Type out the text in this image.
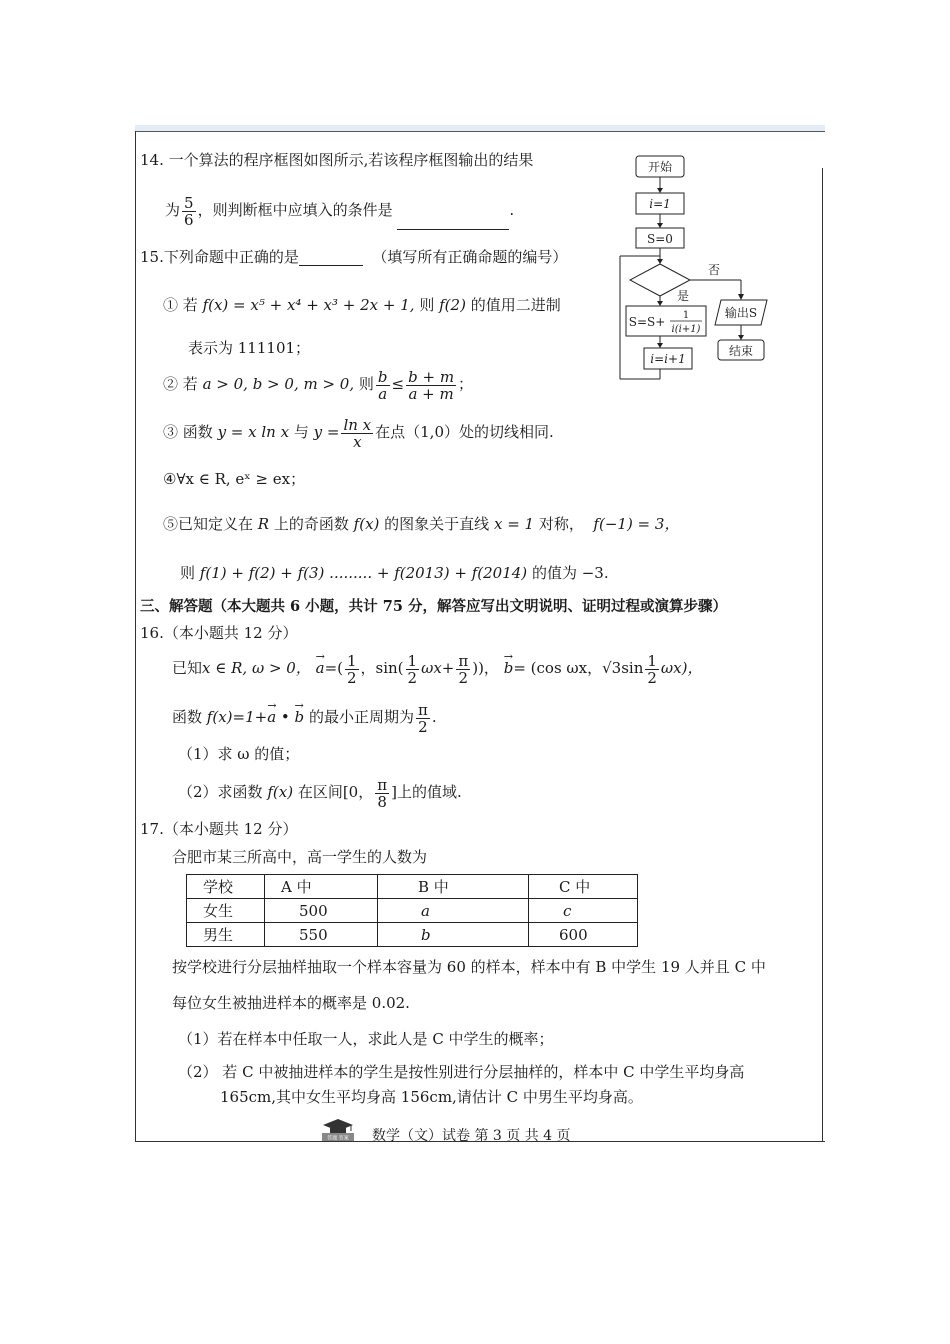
14. 一个算法的程序框图如图所示,若该程序框图输出的结果
为 $\frac{5}{6}$ ，则判断框中应填入的条件是	.
开始
i=1
S=0
否
是
S=S+ 1
i(i+1)
输出S
结束
i=i+1
15.下列命题中正确的是	（填写所有正确命题的编号）
① 若 f(x) = x⁵ + x⁴ + x³ + 2x + 1, 则 f(2) 的值用二进制
表示为 111101；
② 若 a > 0, b > 0, m > 0, 则 $\frac{b}{a} \le \frac{b + m}{a + m}$ ；
③ 函数 y = x ln x 与 $y = \frac{\text{ln x}}{x}$ 在点（1,0）处的切线相同.
④∀x ∈ R, eˣ ≥ ex；
⑤已知定义在 R 上的奇函数 f(x) 的图象关于直线 x = 1 对称， f(−1) = 3，
则 f(1) + f(2) + f(3) ......... + f(2013) + f(2014) 的值为 −3.
三、解答题（本大题共 6 小题，共计 75 分，解答应写出文明说明、证明过程或演算步骤）
16.（本小题共 12 分）
已知x ∈ R, ω > 0， → $a=( \frac{1}{2}$ ，$\sin( \frac{1}{2} \omega x+ \frac{\pi}{2}$ ))， → b= (cos ωx，$√3\sin \frac{1}{2} \omega x$)，
函数 f(x)=1+→ a • → b 的最小正周期为 $\frac{\pi}{2}$ .
（1）求 ω 的值；
（2）求函数 f(x) 在区间[0， $\frac{\pi}{8}$ ]上的值域.
17.（本小题共 12 分）
合肥市某三所高中，高一学生的人数为
学校	A 中	B 中	C 中
女生	500	a	c
男生	550	b	600
按学校进行分层抽样抽取一个样本容量为 60 的样本，样本中有 B 中学生 19 人并且 C 中
每位女生被抽进样本的概率是 0.02.
（1）若在样本中任取一人，求此人是 C 中学生的概率；
（2） 若 C 中被抽进样本的学生是按性别进行分层抽样的，样本中 C 中学生平均身高
165cm,其中女生平均身高 156cm,请估计 C 中男生平均身高。
答题 答案 数学（文）试卷 第 3 页 共 4 页
